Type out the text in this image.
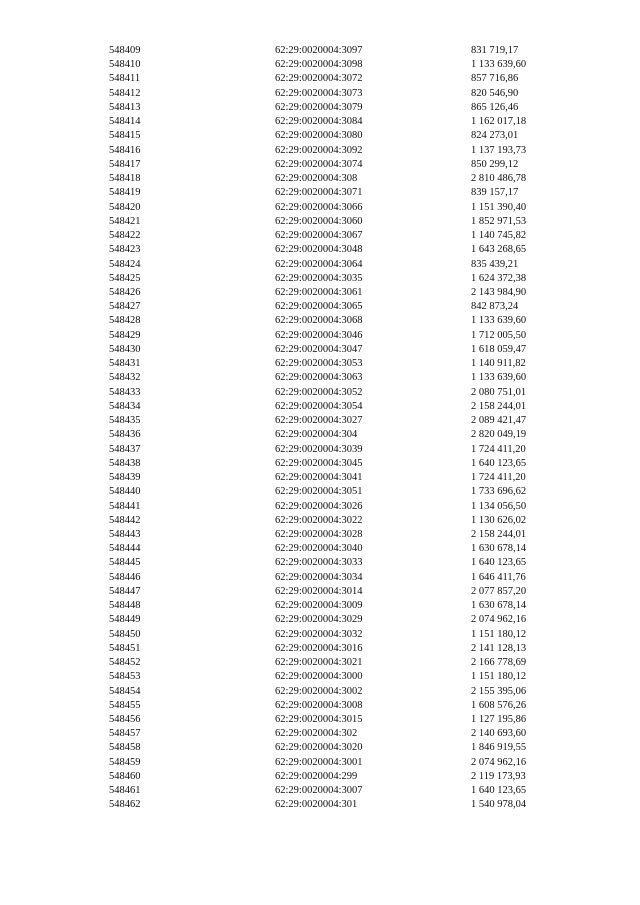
548409	62:29:0020004:3097	831 719,17
548410	62:29:0020004:3098	1 133 639,60
548411	62:29:0020004:3072	857 716,86
548412	62:29:0020004:3073	820 546,90
548413	62:29:0020004:3079	865 126,46
548414	62:29:0020004:3084	1 162 017,18
548415	62:29:0020004:3080	824 273,01
548416	62:29:0020004:3092	1 137 193,73
548417	62:29:0020004:3074	850 299,12
548418	62:29:0020004:308	2 810 486,78
548419	62:29:0020004:3071	839 157,17
548420	62:29:0020004:3066	1 151 390,40
548421	62:29:0020004:3060	1 852 971,53
548422	62:29:0020004:3067	1 140 745,82
548423	62:29:0020004:3048	1 643 268,65
548424	62:29:0020004:3064	835 439,21
548425	62:29:0020004:3035	1 624 372,38
548426	62:29:0020004:3061	2 143 984,90
548427	62:29:0020004:3065	842 873,24
548428	62:29:0020004:3068	1 133 639,60
548429	62:29:0020004:3046	1 712 005,50
548430	62:29:0020004:3047	1 618 059,47
548431	62:29:0020004:3053	1 140 911,82
548432	62:29:0020004:3063	1 133 639,60
548433	62:29:0020004:3052	2 080 751,01
548434	62:29:0020004:3054	2 158 244,01
548435	62:29:0020004:3027	2 089 421,47
548436	62:29:0020004:304	2 820 049,19
548437	62:29:0020004:3039	1 724 411,20
548438	62:29:0020004:3045	1 640 123,65
548439	62:29:0020004:3041	1 724 411,20
548440	62:29:0020004:3051	1 733 696,62
548441	62:29:0020004:3026	1 134 056,50
548442	62:29:0020004:3022	1 130 626,02
548443	62:29:0020004:3028	2 158 244,01
548444	62:29:0020004:3040	1 630 678,14
548445	62:29:0020004:3033	1 640 123,65
548446	62:29:0020004:3034	1 646 411,76
548447	62:29:0020004:3014	2 077 857,20
548448	62:29:0020004:3009	1 630 678,14
548449	62:29:0020004:3029	2 074 962,16
548450	62:29:0020004:3032	1 151 180,12
548451	62:29:0020004:3016	2 141 128,13
548452	62:29:0020004:3021	2 166 778,69
548453	62:29:0020004:3000	1 151 180,12
548454	62:29:0020004:3002	2 155 395,06
548455	62:29:0020004:3008	1 608 576,26
548456	62:29:0020004:3015	1 127 195,86
548457	62:29:0020004:302	2 140 693,60
548458	62:29:0020004:3020	1 846 919,55
548459	62:29:0020004:3001	2 074 962,16
548460	62:29:0020004:299	2 119 173,93
548461	62:29:0020004:3007	1 640 123,65
548462	62:29:0020004:301	1 540 978,04
